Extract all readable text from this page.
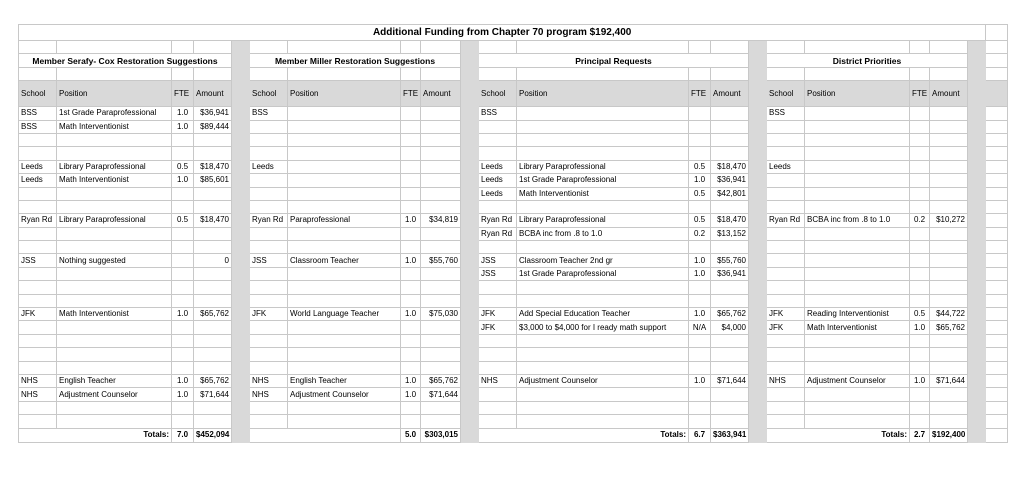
Additional Funding from Chapter 70 program $192,400																				

Member Serafy- Cox Restoration Suggestions					Member Miller Restoration Suggestions					Principal Requests					District Priorities					

School	Position	FTE	Amount		School	Position	FTE	Amount		School	Position	FTE	Amount		School	Position	FTE	Amount		
BSS	1st Grade Paraprofessional	1.0	$36,941		BSS					BSS					BSS					
BSS	Math Interventionist	1.0	$89,444																	

Leeds	Library Paraprofessional	0.5	$18,470		Leeds					Leeds	Library Paraprofessional	0.5	$18,470		Leeds					
Leeds	Math Interventionist	1.0	$85,601							Leeds	1st Grade Paraprofessional	1.0	$36,941							
										Leeds	Math Interventionist	0.5	$42,801							

Ryan Rd	Library Paraprofessional	0.5	$18,470		Ryan Rd	Paraprofessional	1.0	$34,819		Ryan Rd	Library Paraprofessional	0.5	$18,470		Ryan Rd	BCBA inc from .8 to 1.0	0.2	$10,272		
										Ryan Rd	BCBA inc from .8 to 1.0	0.2	$13,152							

JSS	Nothing suggested		0		JSS	Classroom Teacher	1.0	$55,760		JSS	Classroom Teacher 2nd gr	1.0	$55,760							
										JSS	1st Grade Paraprofessional	1.0	$36,941							

JFK	Math Interventionist	1.0	$65,762		JFK	World Language Teacher	1.0	$75,030		JFK	Add Special Education Teacher	1.0	$65,762		JFK	Reading Interventionist	0.5	$44,722		
										JFK	$3,000 to $4,000 for I ready math support	N/A	$4,000		JFK	Math Interventionist	1.0	$65,762		

NHS	English Teacher	1.0	$65,762		NHS	English Teacher	1.0	$65,762		NHS	Adjustment Counselor	1.0	$71,644		NHS	Adjustment Counselor	1.0	$71,644		
NHS	Adjustment Counselor	1.0	$71,644		NHS	Adjustment Counselor	1.0	$71,644												

Totals:		7.0	$452,094				5.0	$303,015		Totals:		6.7	$363,941		Totals:		2.7	$192,400		
